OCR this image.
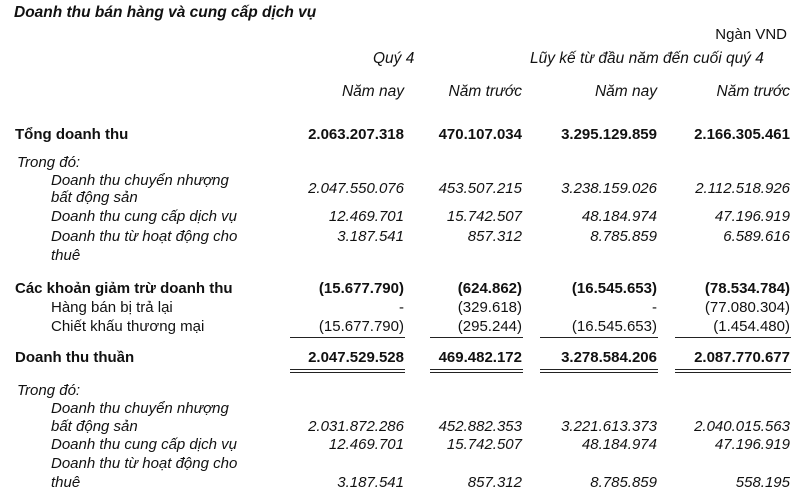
Doanh thu bán hàng và cung cấp dịch vụ
Ngàn VND
Quý 4	Lũy kế từ đầu năm đến cuối quý 4
Năm nay	Năm trước	Năm nay	Năm trước
Tổng doanh thu	2.063.207.318 470.107.034	3.295.129.859 2.166.305.461
Trong đó:
Doanh thu chuyển nhượng
bất động sản
2.047.550.076 453.507.215	3.238.159.026	2.112.518.926
Doanh thu cung cấp dịch vụ	12.469.701	15.742.507	48.184.974	47.196.919
Doanh thu từ hoạt động cho	3.187.541	857.312	8.785.859	6.589.616
thuê
Các khoản giảm trừ doanh thu	(15.677.790)	(624.862)	(16.545.653)	(78.534.784)
Hàng bán bị trả lại	-	(329.618)	-	(77.080.304)
Chiết khấu thương mại	(15.677.790)	(295.244)	(16.545.653)	(1.454.480)
Doanh thu thuần	2.047.529.528 469.482.172	3.278.584.206 2.087.770.677
Trong đó:
Doanh thu chuyển nhượng
bất động sản	2.031.872.286 452.882.353	3.221.613.373 2.040.015.563
Doanh thu cung cấp dịch vụ	12.469.701	15.742.507	48.184.974	47.196.919
Doanh thu từ hoạt động cho
thuê	3.187.541	857.312	8.785.859	558.195
